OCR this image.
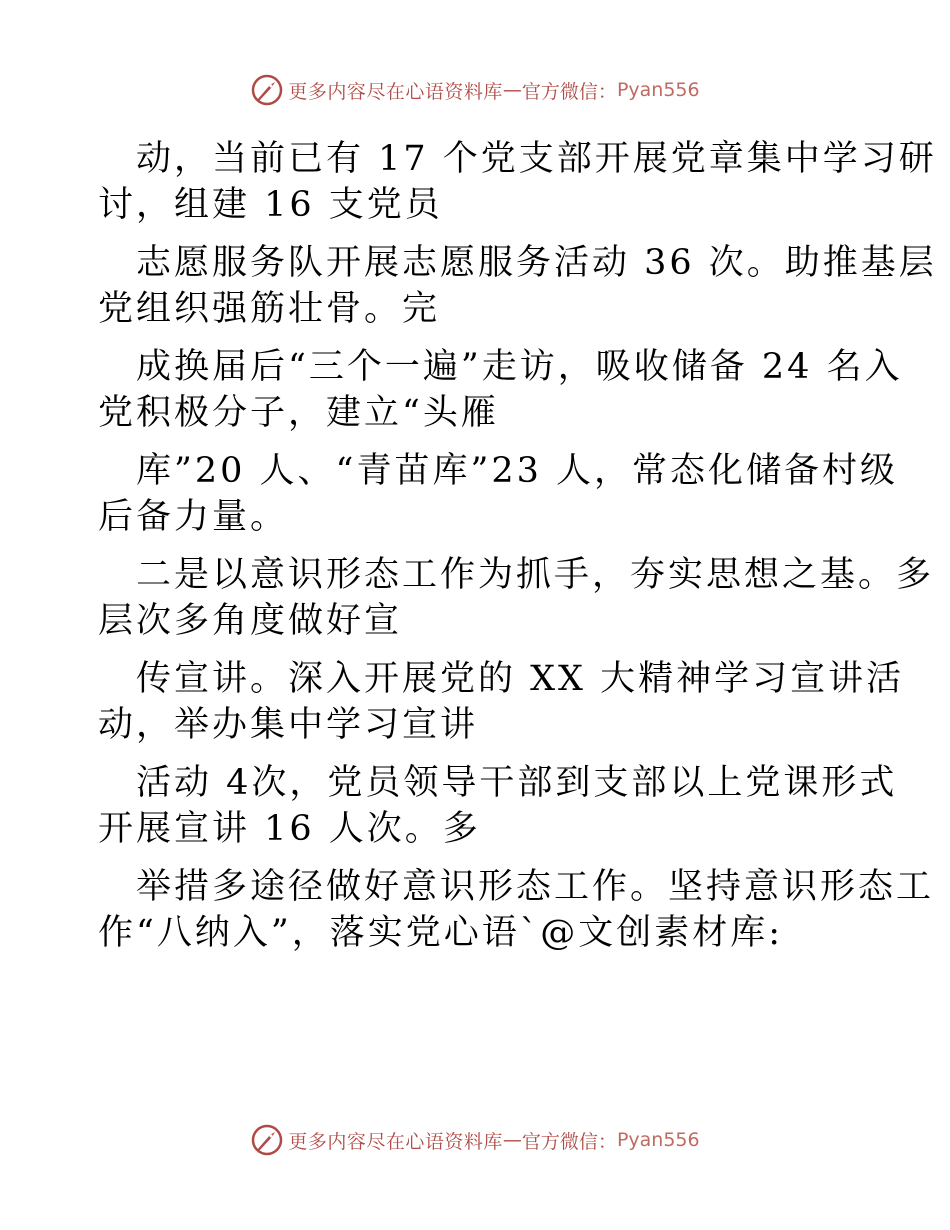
更多内容尽在心语资料库 — 官方微信： Pyan556
动，当前已有 17 个党支部开展党章集中学习研
讨，组建 16 支党员
志愿服务队开展志愿服务活动 36 次。助推基层
党组织强筋壮骨。完
成换届后“三个一遍”走访，吸收储备 24 名入
党积极分子，建立“头雁
库”20 人、“青苗库”23 人，常态化储备村级
后备力量。
二是以意识形态工作为抓手，夯实思想之基。多
层次多角度做好宣
传宣讲。深入开展党的 XX 大精神学习宣讲活
动，举办集中学习宣讲
活动 4次，党员领导干部到支部以上党课形式
开展宣讲 16 人次。多
举措多途径做好意识形态工作。坚持意识形态工
作“八纳入”，落实党心语`@文创素材库:
更多内容尽在心语资料库 — 官方微信： Pyan556
